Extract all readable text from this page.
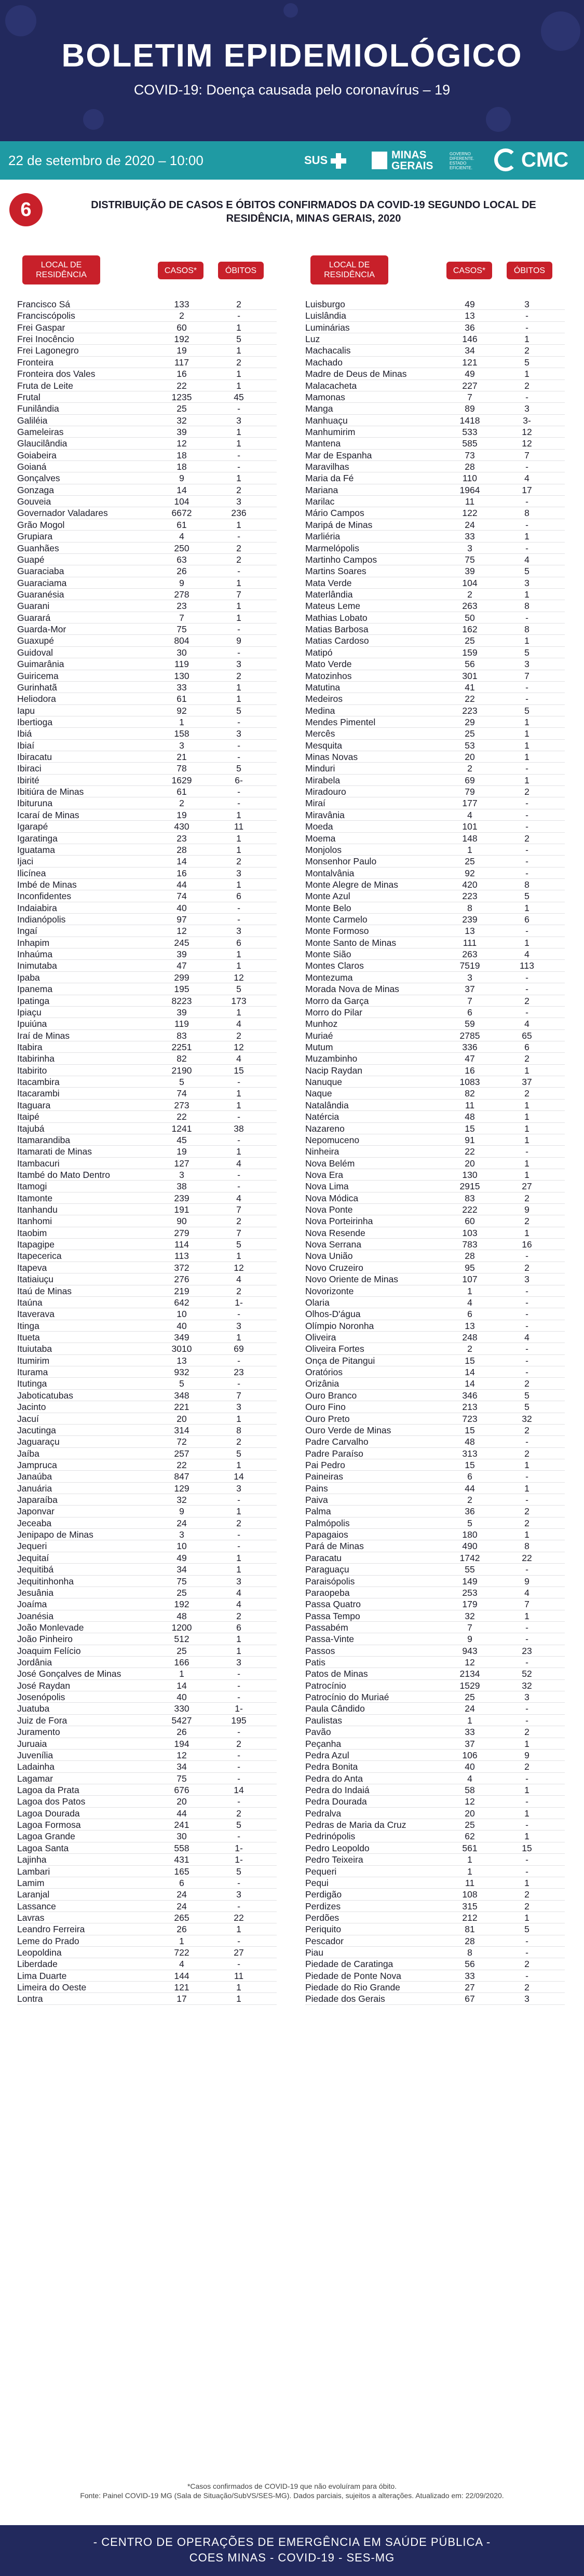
BOLETIM EPIDEMIOLÓGICO
COVID-19: Doença causada pelo coronavírus – 19
22 de setembro de 2020 – 10:00	SUS	MINAS
GERAIS
GOVERNO DIFERENTE. ESTADO EFICIENTE.	CMC
6	DISTRIBUIÇÃO DE CASOS E ÓBITOS CONFIRMADOS DA COVID-19 SEGUNDO LOCAL DE
RESIDÊNCIA, MINAS GERAIS, 2020
LOCAL DE
RESIDÊNCIA	CASOS*	ÓBITOS
LOCAL DE
RESIDÊNCIA	CASOS*	ÓBITOS
Francisco Sá	133	2
Franciscópolis	2	-
Frei Gaspar	60	1
Frei Inocêncio	192	5
Frei Lagonegro	19	1
Fronteira	117	2
Fronteira dos Vales	16	1
Fruta de Leite	22	1
Frutal	1235	45
Funilândia	25	-
Galiléia	32	3
Gameleiras	39	1
Glaucilândia	12	1
Goiabeira	18	-
Goianá	18	-
Gonçalves	9	1
Gonzaga	14	2
Gouveia	104	3
Governador Valadares	6672	236
Grão Mogol	61	1
Grupiara	4	-
Guanhães	250	2
Guapé	63	2
Guaraciaba	26	-
Guaraciama	9	1
Guaranésia	278	7
Guarani	23	1
Guarará	7	1
Guarda-Mor	75	-
Guaxupé	804	9
Guidoval	30	-
Guimarânia	119	3
Guiricema	130	2
Gurinhatã	33	1
Heliodora	61	1
Iapu	92	5
Ibertioga	1	-
Ibiá	158	3
Ibiaí	3	-
Ibiracatu	21	-
Ibiraci	78	5
Ibirité	1629	6-
Ibitiúra de Minas	61	-
Ibituruna	2	-
Icaraí de Minas	19	1
Igarapé	430	11
Igaratinga	23	1
Iguatama	28	1
Ijaci	14	2
Ilicínea	16	3
Imbé de Minas	44	1
Inconfidentes	74	6
Indaiabira	40	-
Indianópolis	97	-
Ingaí	12	3
Inhapim	245	6
Inhaúma	39	1
Inimutaba	47	1
Ipaba	299	12
Ipanema	195	5
Ipatinga	8223	173
Ipiaçu	39	1
Ipuiúna	119	4
Iraí de Minas	83	2
Itabira	2251	12
Itabirinha	82	4
Itabirito	2190	15
Itacambira	5	-
Itacarambi	74	1
Itaguara	273	1
Itaipé	22	-
Itajubá	1241	38
Itamarandiba	45	-
Itamarati de Minas	19	1
Itambacuri	127	4
Itambé do Mato Dentro	3	-
Itamogi	38	-
Itamonte	239	4
Itanhandu	191	7
Itanhomi	90	2
Itaobim	279	7
Itapagipe	114	5
Itapecerica	113	1
Itapeva	372	12
Itatiaiuçu	276	4
Itaú de Minas	219	2
Itaúna	642	1-
Itaverava	10	-
Itinga	40	3
Itueta	349	1
Ituiutaba	3010	69
Itumirim	13	-
Iturama	932	23
Itutinga	5	-
Jaboticatubas	348	7
Jacinto	221	3
Jacuí	20	1
Jacutinga	314	8
Jaguaraçu	72	2
Jaíba	257	5
Jampruca	22	1
Janaúba	847	14
Januária	129	3
Japaraíba	32	-
Japonvar	9	1
Jeceaba	24	2
Jenipapo de Minas	3	-
Jequeri	10	-
Jequitaí	49	1
Jequitibá	34	1
Jequitinhonha	75	3
Jesuânia	25	4
Joaíma	192	4
Joanésia	48	2
João Monlevade	1200	6
João Pinheiro	512	1
Joaquim Felício	25	1
Jordânia	166	3
José Gonçalves de Minas	1	-
José Raydan	14	-
Josenópolis	40	-
Juatuba	330	1-
Juiz de Fora	5427	195
Juramento	26	-
Juruaia	194	2
Juvenília	12	-
Ladainha	34	-
Lagamar	75	-
Lagoa da Prata	676	14
Lagoa dos Patos	20	-
Lagoa Dourada	44	2
Lagoa Formosa	241	5
Lagoa Grande	30	-
Lagoa Santa	558	1-
Lajinha	431	1-
Lambari	165	5
Lamim	6	-
Laranjal	24	3
Lassance	24	-
Lavras	265	22
Leandro Ferreira	26	1
Leme do Prado	1	-
Leopoldina	722	27
Liberdade	4	-
Lima Duarte	144	11
Limeira do Oeste	121	1
Lontra	17	1
Luisburgo	49	3
Luislândia	13	-
Luminárias	36	-
Luz	146	1
Machacalis	34	2
Machado	121	5
Madre de Deus de Minas	49	1
Malacacheta	227	2
Mamonas	7	-
Manga	89	3
Manhuaçu	1418	3-
Manhumirim	533	12
Mantena	585	12
Mar de Espanha	73	7
Maravilhas	28	-
Maria da Fé	110	4
Mariana	1964	17
Marilac	11	-
Mário Campos	122	8
Maripá de Minas	24	-
Marliéria	33	1
Marmelópolis	3	-
Martinho Campos	75	4
Martins Soares	39	5
Mata Verde	104	3
Materlândia	2	1
Mateus Leme	263	8
Mathias Lobato	50	-
Matias Barbosa	162	8
Matias Cardoso	25	1
Matipó	159	5
Mato Verde	56	3
Matozinhos	301	7
Matutina	41	-
Medeiros	22	-
Medina	223	5
Mendes Pimentel	29	1
Mercês	25	1
Mesquita	53	1
Minas Novas	20	1
Minduri	2	-
Mirabela	69	1
Miradouro	79	2
Miraí	177	-
Miravânia	4	-
Moeda	101	-
Moema	148	2
Monjolos	1	-
Monsenhor Paulo	25	-
Montalvânia	92	-
Monte Alegre de Minas	420	8
Monte Azul	223	5
Monte Belo	8	1
Monte Carmelo	239	6
Monte Formoso	13	-
Monte Santo de Minas	111	1
Monte Sião	263	4
Montes Claros	7519	113
Montezuma	3	-
Morada Nova de Minas	37	-
Morro da Garça	7	2
Morro do Pilar	6	-
Munhoz	59	4
Muriaé	2785	65
Mutum	336	6
Muzambinho	47	2
Nacip Raydan	16	1
Nanuque	1083	37
Naque	82	2
Natalândia	11	1
Natércia	48	1
Nazareno	15	1
Nepomuceno	91	1
Ninheira	22	-
Nova Belém	20	1
Nova Era	130	1
Nova Lima	2915	27
Nova Módica	83	2
Nova Ponte	222	9
Nova Porteirinha	60	2
Nova Resende	103	1
Nova Serrana	783	16
Nova União	28	-
Novo Cruzeiro	95	2
Novo Oriente de Minas	107	3
Novorizonte	1	-
Olaria	4	-
Olhos-D'água	6	-
Olímpio Noronha	13	-
Oliveira	248	4
Oliveira Fortes	2	-
Onça de Pitangui	15	-
Oratórios	14	-
Orizânia	14	2
Ouro Branco	346	5
Ouro Fino	213	5
Ouro Preto	723	32
Ouro Verde de Minas	15	2
Padre Carvalho	48	-
Padre Paraíso	313	2
Pai Pedro	15	1
Paineiras	6	-
Pains	44	1
Paiva	2	-
Palma	36	2
Palmópolis	5	2
Papagaios	180	1
Pará de Minas	490	8
Paracatu	1742	22
Paraguaçu	55	-
Paraisópolis	149	9
Paraopeba	253	4
Passa Quatro	179	7
Passa Tempo	32	1
Passabém	7	-
Passa-Vinte	9	-
Passos	943	23
Patis	12	-
Patos de Minas	2134	52
Patrocínio	1529	32
Patrocínio do Muriaé	25	3
Paula Cândido	24	-
Paulistas	1	-
Pavão	33	2
Peçanha	37	1
Pedra Azul	106	9
Pedra Bonita	40	2
Pedra do Anta	4	-
Pedra do Indaiá	58	1
Pedra Dourada	12	-
Pedralva	20	1
Pedras de Maria da Cruz	25	-
Pedrinópolis	62	1
Pedro Leopoldo	561	15
Pedro Teixeira	1	-
Pequeri	1	-
Pequi	11	1
Perdigão	108	2
Perdizes	315	2
Perdões	212	1
Periquito	81	5
Pescador	28	-
Piau	8	-
Piedade de Caratinga	56	2
Piedade de Ponte Nova	33	-
Piedade do Rio Grande	27	2
Piedade dos Gerais	67	3
*Casos confirmados de COVID-19 que não evoluíram para óbito.
Fonte: Painel COVID-19 MG (Sala de Situação/SubVS/SES-MG). Dados parciais, sujeitos a alterações. Atualizado em: 22/09/2020.
- CENTRO DE OPERAÇÕES DE EMERGÊNCIA EM SAÚDE PÚBLICA -
COES MINAS - COVID-19 - SES-MG
